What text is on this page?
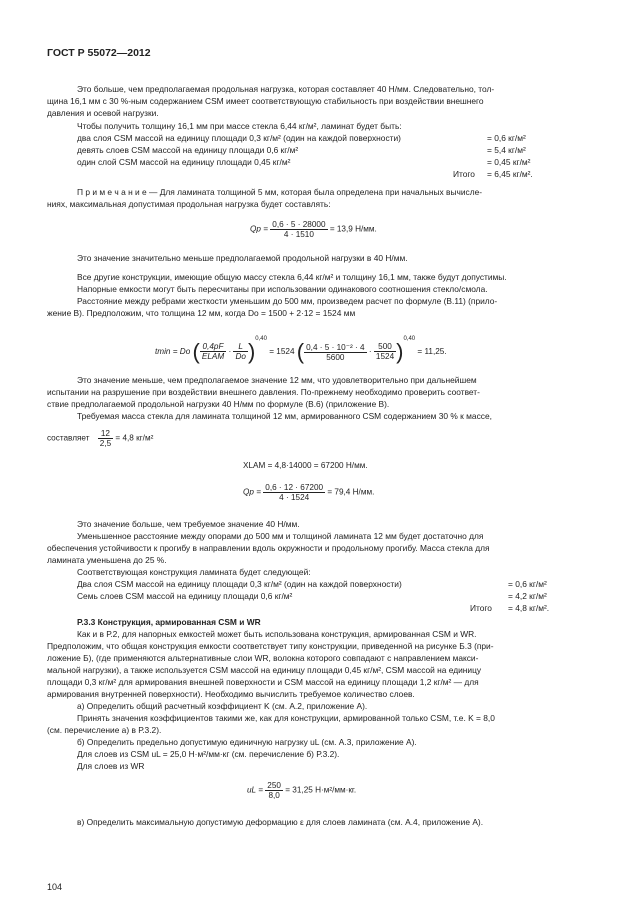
ГОСТ Р 55072—2012
Это больше, чем предполагаемая продольная нагрузка, которая составляет 40 Н/мм. Следовательно, тол-
щина 16,1 мм с 30 %-ным содержанием CSM имеет соответствующую стабильность при воздействии внешнего
давления и осевой нагрузки.
Чтобы получить толщину 16,1 мм при массе стекла 6,44 кг/м², ламинат будет быть:
два слоя CSM массой на единицу площади 0,3 кг/м² (один на каждой поверхности)	= 0,6 кг/м²
девять слоев CSM массой на единицу площади 0,6 кг/м²	= 5,4 кг/м²
один слой CSM массой на единицу площади 0,45 кг/м²	= 0,45 кг/м²
Итого = 6,45 кг/м².
П р и м е ч а н и е — Для ламината толщиной 5 мм, которая была определена при начальных вычисле-
ниях, максимальная допустимая продольная нагрузка будет составлять:
$Qp = \frac{0,6 \cdot 5 \cdot 28000}{4 \cdot 1510} = 13,9$ Н/мм.
Это значение значительно меньше предполагаемой продольной нагрузки в 40 Н/мм.
Все другие конструкции, имеющие общую массу стекла 6,44 кг/м² и толщину 16,1 мм, также будут допустимы.
Напорные емкости могут быть пересчитаны при использовании одинакового соотношения стекло/смола.
Расстояние между ребрами жесткости уменьшим до 500 мм, произведем расчет по формуле (В.11) (прило-
жение В). Предположим, что толщина 12 мм, когда Do = 1500 + 2·12 = 1524 мм
tmin = Do ( $\frac{0,4pF}{\text{ELAM}} \cdot \frac{L}{Do} )^{0,40} = 1524$ ( $\frac{\text{0,4 · 5 · 10⁻² · 4}}{5600} \cdot \frac{500}{1524} )^{0,40} = 11,25$.
Это значение меньше, чем предполагаемое значение 12 мм, что удовлетворительно при дальнейшем
испытании на разрушение при воздействии внешнего давления. По-прежнему необходимо проверить соответ-
ствие предполагаемой продольной нагрузки 40 Н/мм по формуле (В.6) (приложение В).
Требуемая масса стекла для ламината толщиной 12 мм, армированного CSM содержанием 30 % к массе,
составляет $\frac{12}{2,5} = 4,8$ кг/м²
XLAM = 4,8·14000 = 67200 Н/мм.
$Qp = \frac{0,6 \cdot 12 \cdot 67200}{4 \cdot 1524} = 79,4$ Н/мм.
Это значение больше, чем требуемое значение 40 Н/мм.
Уменьшенное расстояние между опорами до 500 мм и толщиной ламината 12 мм будет достаточно для
обеспечения устойчивости к прогибу в направлении вдоль окружности и продольному прогибу. Масса стекла для
ламината уменьшена до 25 %.
Соответствующая конструкция ламината будет следующей:
Два слоя CSM массой на единицу площади 0,3 кг/м² (один на каждой поверхности)	= 0,6 кг/м²
Семь слоев CSM массой на единицу площади 0,6 кг/м²	= 4,2 кг/м²
Итого = 4,8 кг/м².
Р.3.3 Конструкция, армированная CSM и WR
Как и в Р.2, для напорных емкостей может быть использована конструкция, армированная CSM и WR.
Предположим, что общая конструкция емкости соответствует типу конструкции, приведенной на рисунке Б.3 (при-
ложение Б), (где применяются альтернативные слои WR, волокна которого совпадают с направлением макси-
мальной нагрузки), а также используется CSM массой на единицу площади 0,45 кг/м², CSM массой на единицу
площади 0,3 кг/м² для армирования внешней поверхности и CSM массой на единицу площади 1,2 кг/м² — для
армирования внутренней поверхности). Необходимо вычислить требуемое количество слоев.
а) Определить общий расчетный коэффициент K (см. А.2, приложение А).
Принять значения коэффициентов такими же, как для конструкции, армированной только CSM, т.е. K = 8,0
(см. перечисление а) в Р.3.2).
б) Определить предельно допустимую единичную нагрузку uL (см. А.3, приложение А).
Для слоев из CSM uL = 25,0 Н·м²/мм·кг (см. перечисление б) Р.3.2).
Для слоев из WR
uL = $\frac{250}{8,0} = 31,25$ Н·м²/мм·кг.
в) Определить максимальную допустимую деформацию ε для слоев ламината (см. А.4, приложение А).
104
